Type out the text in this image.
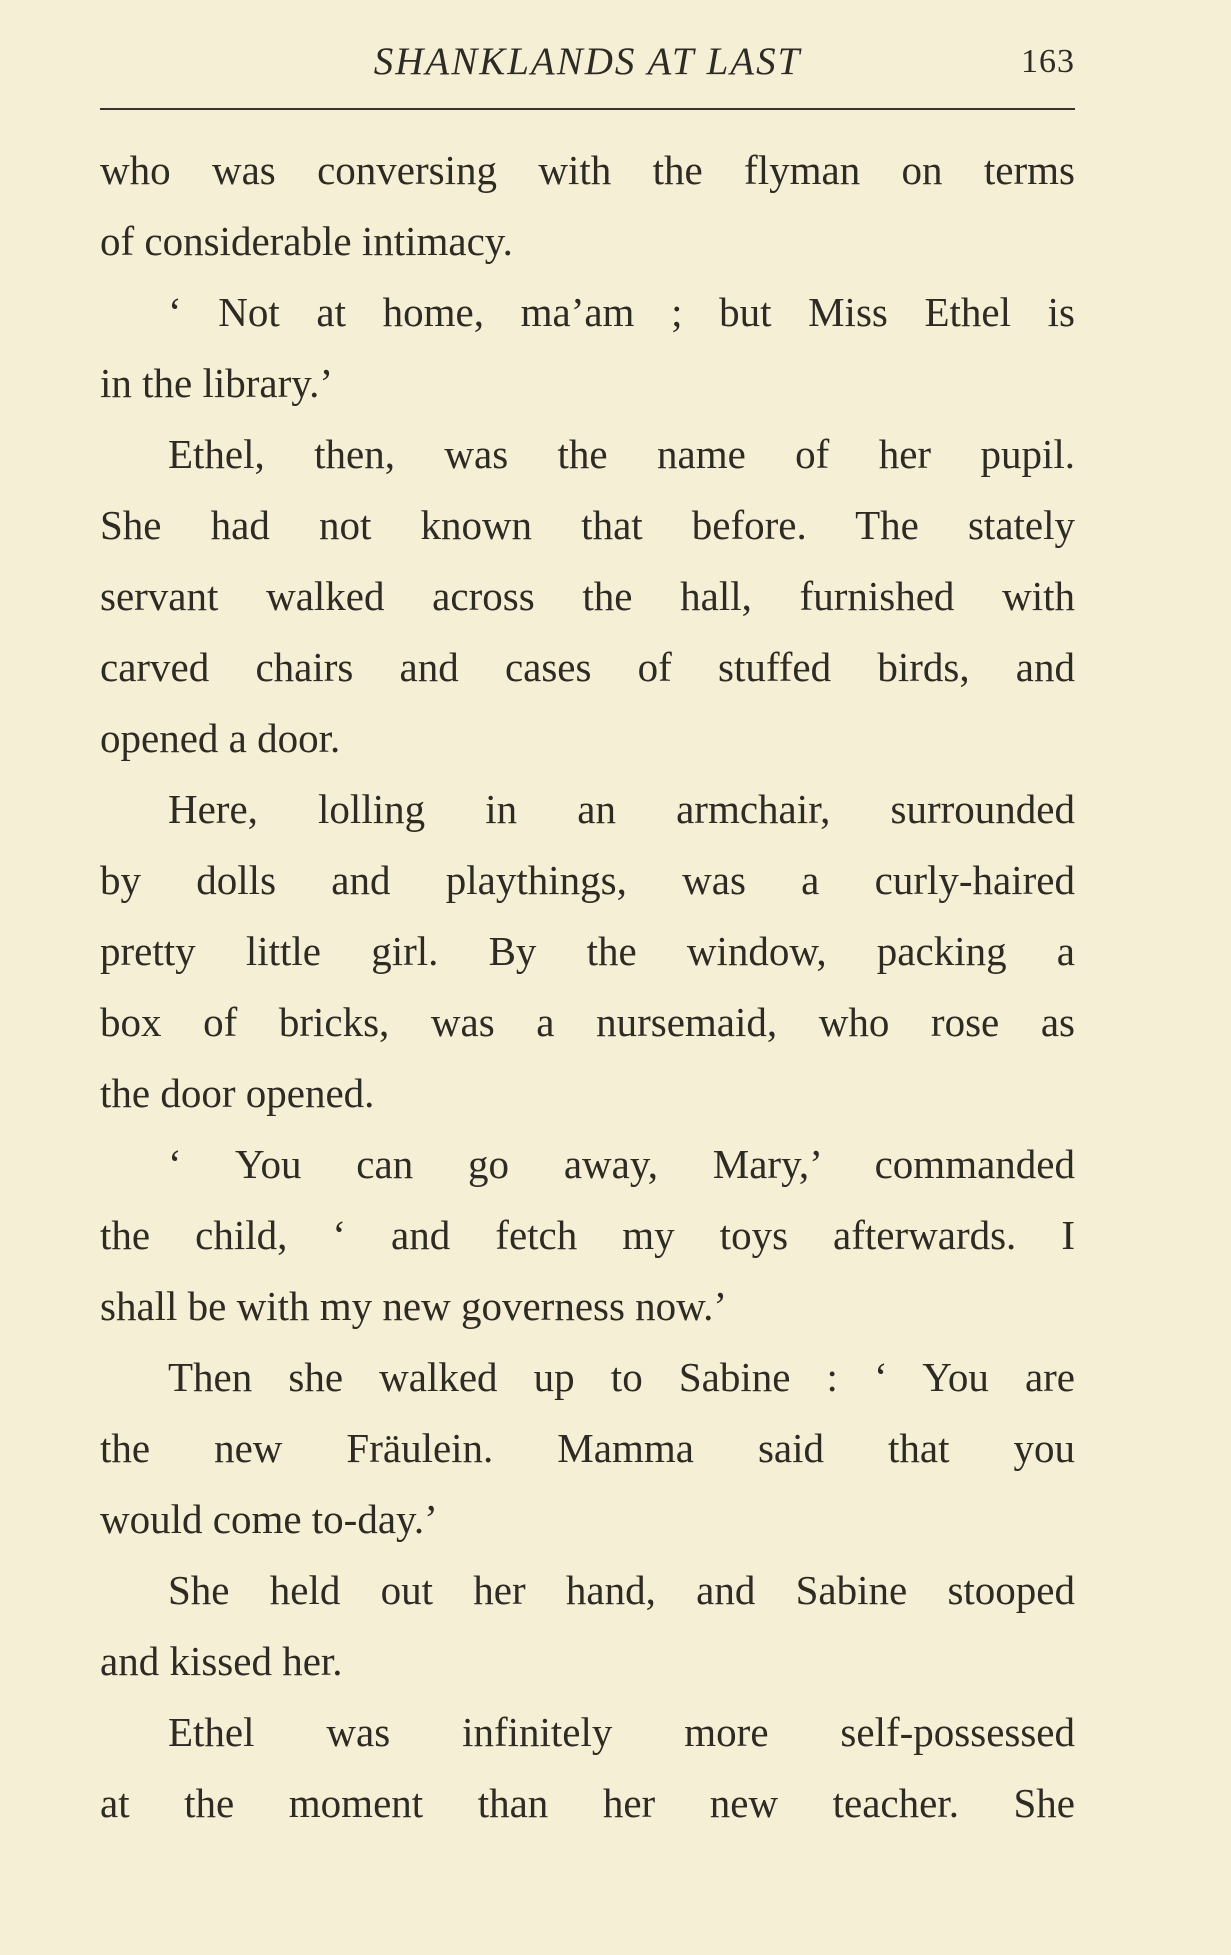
SHANKLANDS AT LAST	163
who was conversing with the flyman on terms
of considerable intimacy.
‘ Not at home, ma’am ; but Miss Ethel is
in the library.’
Ethel, then, was the name of her pupil.
She had not known that before. The stately
servant walked across the hall, furnished with
carved chairs and cases of stuffed birds, and
opened a door.
Here, lolling in an armchair, surrounded
by dolls and playthings, was a curly-haired
pretty little girl. By the window, packing a
box of bricks, was a nursemaid, who rose as
the door opened.
‘ You can go away, Mary,’ commanded
the child, ‘ and fetch my toys afterwards. I
shall be with my new governess now.’
Then she walked up to Sabine : ‘ You are
the new Fräulein. Mamma said that you
would come to-day.’
She held out her hand, and Sabine stooped
and kissed her.
Ethel was infinitely more self-possessed
at the moment than her new teacher. She
